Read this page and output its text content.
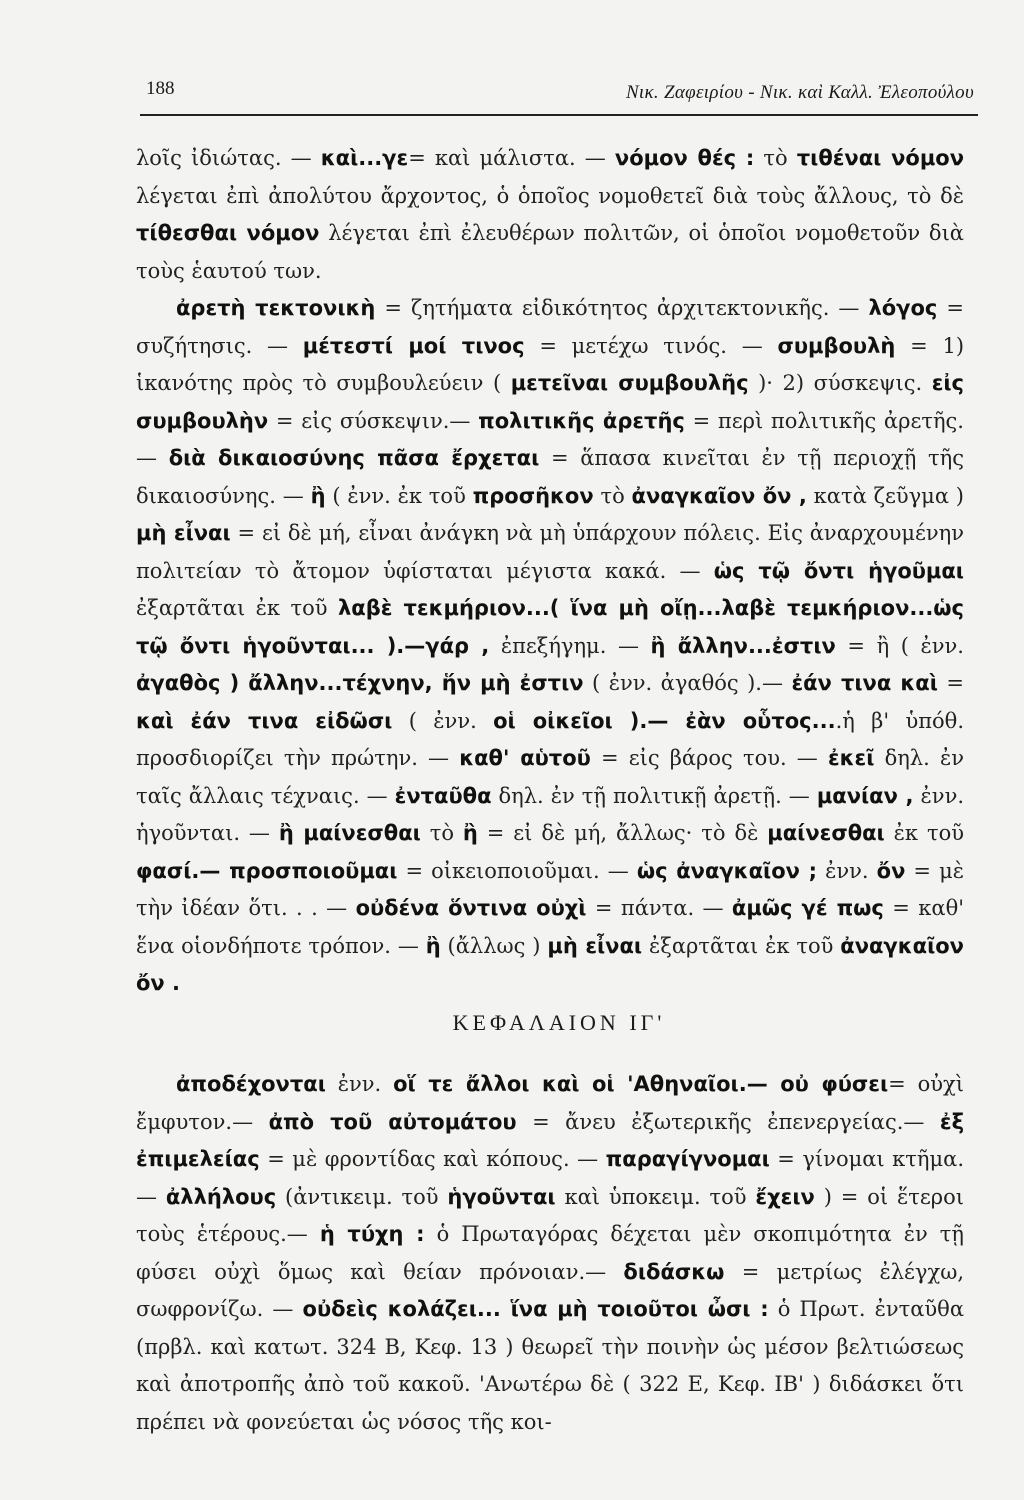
188	Νικ. Ζαφειρίου - Νικ. καὶ Καλλ. Ἐλεοπούλου

λοῖς ἰδιώτας. — καὶ...γε= καὶ μάλιστα. — νόμον θές : τὸ τιθέναι νόμον λέγεται ἐπὶ ἀπολύτου ἄρχοντος, ὁ ὁποῖος νομοθετεῖ διὰ τοὺς ἄλλους, τὸ δὲ τίθεσθαι νόμον λέγεται ἐπὶ ἐλευθέρων πολιτῶν, οἱ ὁποῖοι νομοθετοῦν διὰ τοὺς ἑαυτού των.

ἀρετὴ τεκτονικὴ = ζητήματα εἰδικότητος ἀρχιτεκτονικῆς. — λόγος = συζήτησις. — μέτεστί μοί τινος = μετέχω τινός. — συμβουλὴ = 1) ἱκανότης πρὸς τὸ συμβουλεύειν ( μετεῖναι συμβουλῆς )· 2) σύσκεψις. εἰς συμβουλὴν = εἰς σύσκεψιν.— πολιτικῆς ἀρετῆς = περὶ πολιτικῆς ἀρετῆς. — διὰ δικαιοσύνης πᾶσα ἔρχεται = ἅπασα κινεῖται ἐν τῇ περιοχῇ τῆς δικαιοσύνης. — ἢ ( ἐνν. ἐκ τοῦ προσῆκον τὸ ἀναγκαῖον ὄν , κατὰ ζεῦγμα ) μὴ εἶναι = εἰ δὲ μή, εἶναι ἀνάγκη νὰ μὴ ὑπάρχουν πόλεις. Εἰς ἀναρχουμένην πολιτείαν τὸ ἄτομον ὑφίσταται μέγιστα κακά. — ὡς τῷ ὄντι ἡγοῦμαι ἐξαρτᾶται ἐκ τοῦ λαβὲ τεκμήριον...( ἵνα μὴ οἴῃ...λαβὲ τεμκήριον...ὡς τῷ ὄντι ἡγοῦνται... ).—γάρ , ἐπεξήγημ. — ἢ ἄλλην...ἐστιν = ἢ ( ἐνν. ἀγαθὸς ) ἄλλην...τέχνην, ἥν μὴ ἐστιν ( ἐνν. ἀγαθός ).— ἐάν τινα καὶ = καὶ ἐάν τινα εἰδῶσι ( ἐνν. οἱ οἰκεῖοι ).— ἐὰν οὗτος....ἡ β' ὑπόθ. προσδιορίζει τὴν πρώτην. — καθ' αὑτοῦ = εἰς βάρος του. — ἐκεῖ δηλ. ἐν ταῖς ἄλλαις τέχναις. — ἐνταῦθα δηλ. ἐν τῇ πολιτικῇ ἀρετῇ. — μανίαν , ἐνν. ἡγοῦνται. — ἢ μαίνεσθαι τὸ ἢ = εἰ δὲ μή, ἄλλως· τὸ δὲ μαίνεσθαι ἐκ τοῦ φασί.— προσποιοῦμαι = οἰκειοποιοῦμαι. — ὡς ἀναγκαῖον ; ἐνν. ὄν = μὲ τὴν ἰδέαν ὅτι. . . — οὐδένα ὅντινα οὐχὶ = πάντα. — ἀμῶς γέ πως = καθ' ἕνα οἱονδήποτε τρόπον. — ἢ (ἄλλως ) μὴ εἶναι ἐξαρτᾶται ἐκ τοῦ ἀναγκαῖον ὄν .

ΚΕΦΑΛΑΙΟΝ ΙΓ'

ἀποδέχονται ἐνν. οἵ τε ἄλλοι καὶ οἱ 'Αθηναῖοι.— οὐ φύσει= οὐχὶ ἔμφυτον.— ἀπὸ τοῦ αὐτομάτου = ἄνευ ἐξωτερικῆς ἐπενεργείας.— ἐξ ἐπιμελείας = μὲ φροντίδας καὶ κόπους. — παραγίγνομαι = γίνομαι κτῆμα. — ἀλλήλους (ἀντικειμ. τοῦ ἡγοῦνται καὶ ὑποκειμ. τοῦ ἔχειν ) = οἱ ἕτεροι τοὺς ἑτέρους.— ἡ τύχη : ὁ Πρωταγόρας δέχεται μὲν σκοπιμότητα ἐν τῇ φύσει οὐχὶ ὅμως καὶ θείαν πρόνοιαν.— διδάσκω = μετρίως ἐλέγχω, σωφρονίζω. — οὐδεὶς κολάζει... ἵνα μὴ τοιοῦτοι ὦσι : ὁ Πρωτ. ἐνταῦθα (πρβλ. καὶ κατωτ. 324 Β, Κεφ. 13 ) θεωρεῖ τὴν ποινὴν ὡς μέσον βελτιώσεως καὶ ἀποτροπῆς ἀπὸ τοῦ κακοῦ. 'Ανωτέρω δὲ ( 322 Ε, Κεφ. ΙΒ' ) διδάσκει ὅτι πρέπει νὰ φονεύεται ὡς νόσος τῆς κοι-
